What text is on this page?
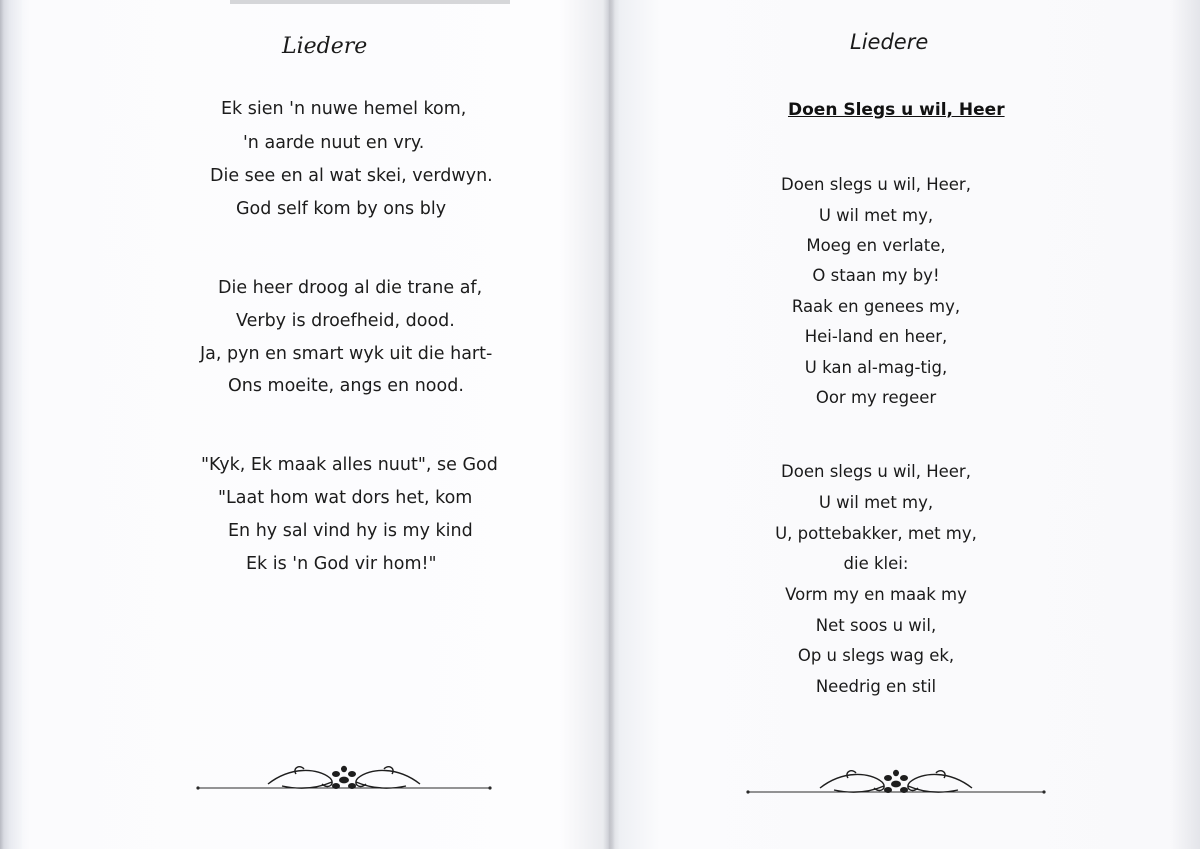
Liedere
Ek sien 'n nuwe hemel kom,
'n aarde nuut en vry.
Die see en al wat skei, verdwyn.
God self kom by ons bly
Die heer droog al die trane af,
Verby is droefheid, dood.
Ja, pyn en smart wyk uit die hart-
Ons moeite, angs en nood.
"Kyk, Ek maak alles nuut", se God
"Laat hom wat dors het, kom
En hy sal vind hy is my kind
Ek is 'n God vir hom!"
Liedere
Doen Slegs u wil, Heer
Doen slegs u wil, Heer,
U wil met my,
Moeg en verlate,
O staan my by!
Raak en genees my,
Hei-land en heer,
U kan al-mag-tig,
Oor my regeer
Doen slegs u wil, Heer,
U wil met my,
U, pottebakker, met my,
die klei:
Vorm my en maak my
Net soos u wil,
Op u slegs wag ek,
Needrig en stil
